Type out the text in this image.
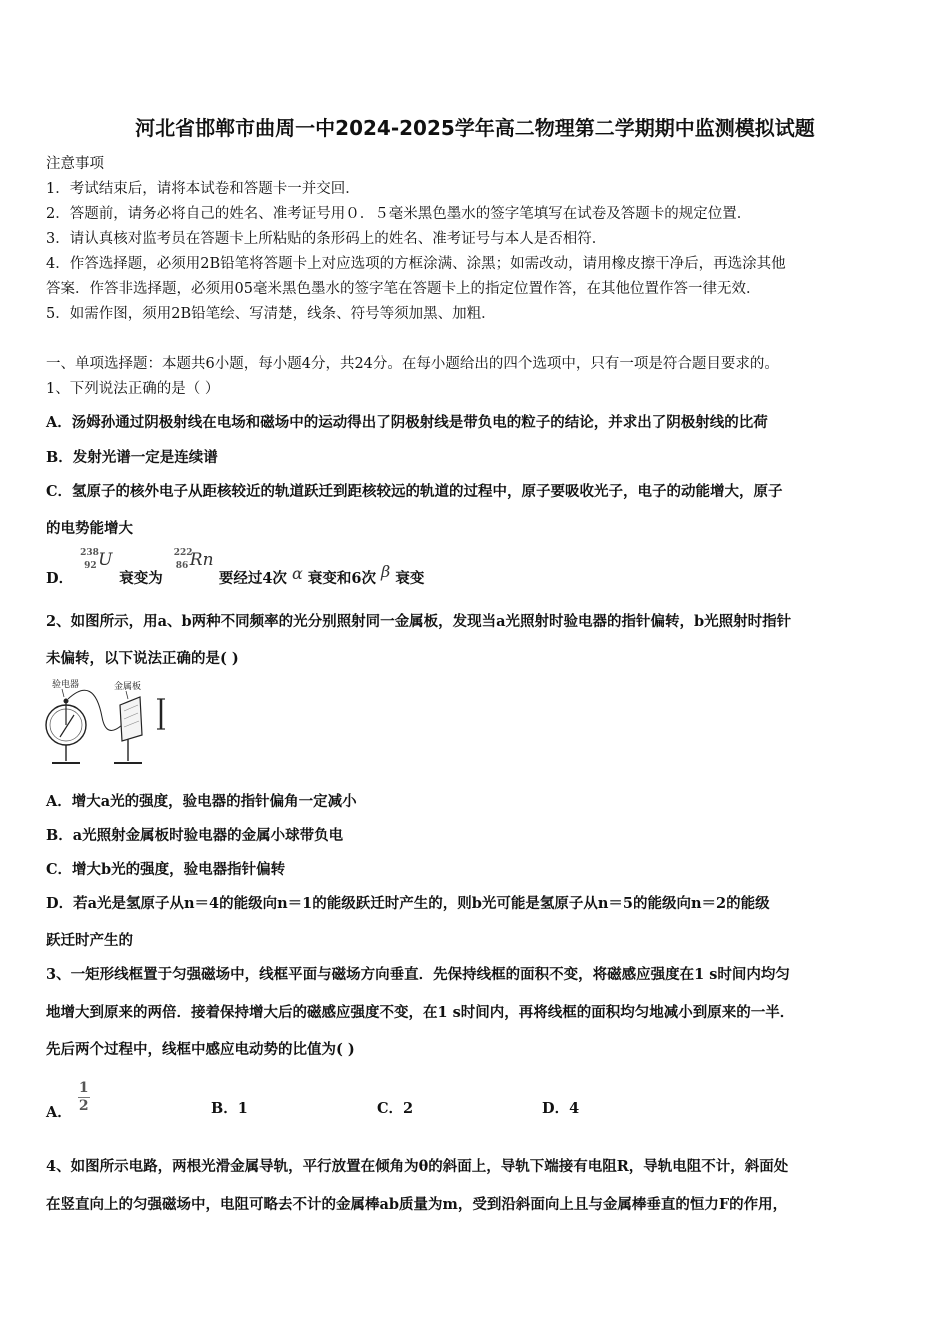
河北省邯郸市曲周一中2024-2025学年高二物理第二学期期中监测模拟试题
注意事项
1．考试结束后，请将本试卷和答题卡一并交回．
2．答题前，请务必将自己的姓名、准考证号用０．５毫米黑色墨水的签字笔填写在试卷及答题卡的规定位置．
3．请认真核对监考员在答题卡上所粘贴的条形码上的姓名、准考证号与本人是否相符．
4．作答选择题，必须用2B铅笔将答题卡上对应选项的方框涂满、涂黑；如需改动，请用橡皮擦干净后，再选涂其他
答案．作答非选择题，必须用05毫米黑色墨水的签字笔在答题卡上的指定位置作答，在其他位置作答一律无效．
5．如需作图，须用2B铅笔绘、写清楚，线条、符号等须加黑、加粗．
一、单项选择题：本题共6小题，每小题4分，共24分。在每小题给出的四个选项中，只有一项是符合题目要求的。
1、下列说法正确的是（ ）
A．汤姆孙通过阴极射线在电场和磁场中的运动得出了阴极射线是带负电的粒子的结论，并求出了阴极射线的比荷
B．发射光谱一定是连续谱
C．氢原子的核外电子从距核较近的轨道跃迁到距核较远的轨道的过程中，原子要吸收光子，电子的动能增大，原子
的电势能增大
D．
238
92 U
衰变为
222
86 Rn
要经过4次 α 衰变和6次 β 衰变
2、如图所示，用a、b两种不同频率的光分别照射同一金属板，发现当a光照射时验电器的指针偏转，b光照射时指针
未偏转，以下说法正确的是( )
验电器	金属板
A．增大a光的强度，验电器的指针偏角一定减小
B．a光照射金属板时验电器的金属小球带负电
C．增大b光的强度，验电器指针偏转
D．若a光是氢原子从n＝4的能级向n＝1的能级跃迁时产生的，则b光可能是氢原子从n＝5的能级向n＝2的能级
跃迁时产生的
3、一矩形线框置于匀强磁场中，线框平面与磁场方向垂直．先保持线框的面积不变，将磁感应强度在1 s时间内均匀
地增大到原来的两倍．接着保持增大后的磁感应强度不变，在1 s时间内，再将线框的面积均匀地减小到原来的一半．
先后两个过程中，线框中感应电动势的比值为( )
A． $\frac{1}{2}$	B．1	C．2	D．4
4、如图所示电路，两根光滑金属导轨，平行放置在倾角为θ的斜面上，导轨下端接有电阻R，导轨电阻不计，斜面处
在竖直向上的匀强磁场中，电阻可略去不计的金属棒ab质量为m，受到沿斜面向上且与金属棒垂直的恒力F的作用，
